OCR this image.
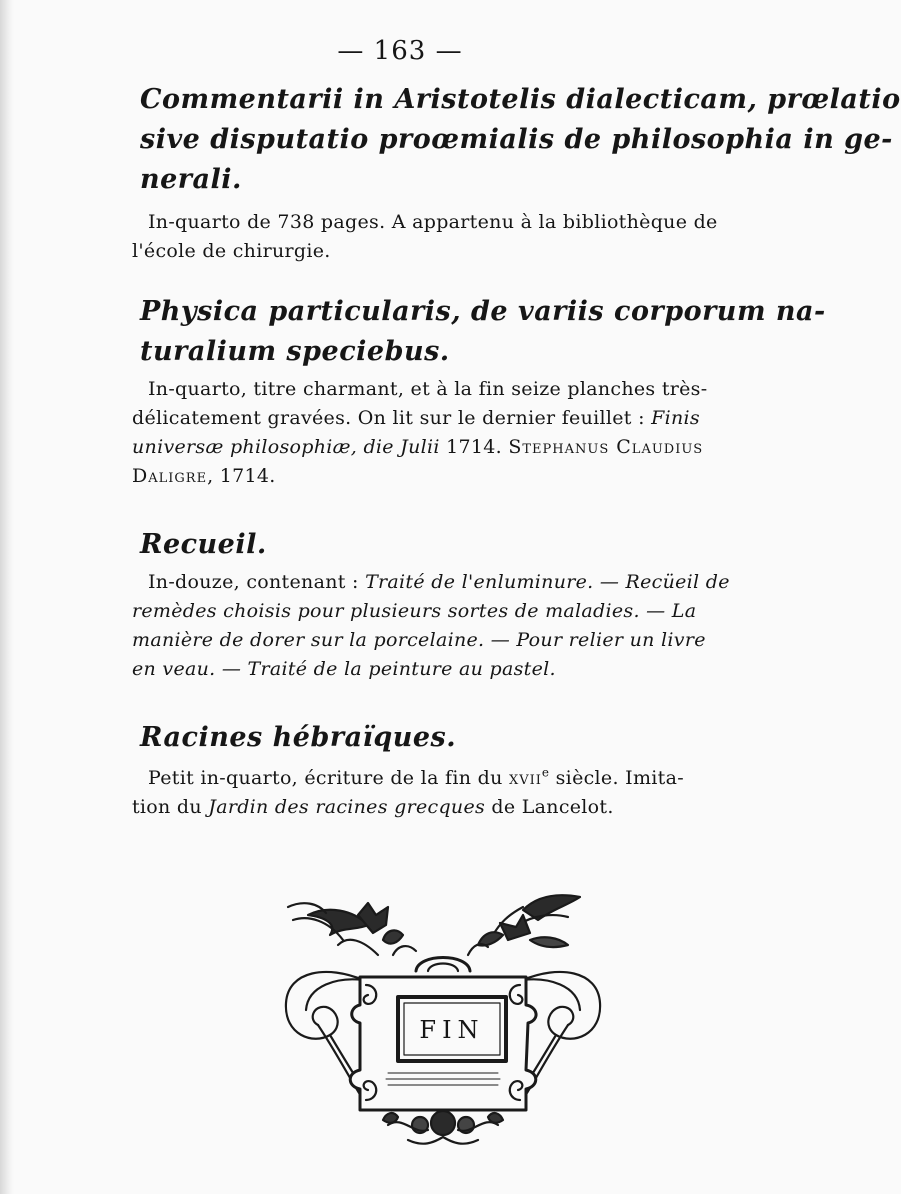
— 163 —
Commentarii in Aristotelis dialecticam, prœlatio
sive disputatio proœmialis de philosophia in ge-
nerali.
In-quarto de 738 pages. A appartenu à la bibliothèque de
l'école de chirurgie.
Physica particularis, de variis corporum na-
turalium speciebus.
In-quarto, titre charmant, et à la fin seize planches très-
délicatement gravées. On lit sur le dernier feuillet : Finis
universæ philosophiæ, die Julii 1714. Stephanus Claudius
Daligre, 1714.
Recueil.
In-douze, contenant : Traité de l'enluminure. — Recüeil de
remèdes choisis pour plusieurs sortes de maladies. — La
manière de dorer sur la porcelaine. — Pour relier un livre
en veau. — Traité de la peinture au pastel.
Racines hébraïques.
Petit in-quarto, écriture de la fin du xvii$^e$ siècle. Imita-
tion du Jardin des racines grecques de Lancelot.
FIN
